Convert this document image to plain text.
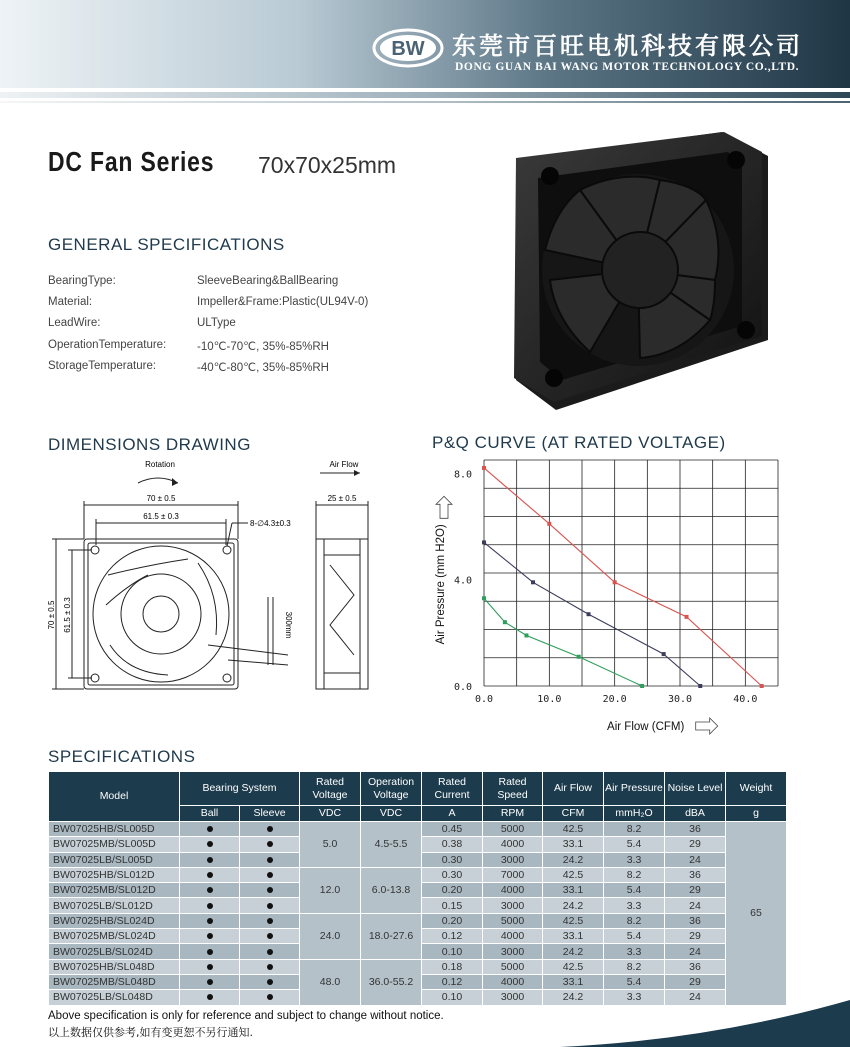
BW 东莞市百旺电机科技有限公司
DONG GUAN BAI WANG MOTOR TECHNOLOGY CO.,LTD.
DC Fan Series 70x70x25mm
GENERAL SPECIFICATIONS
BearingType:	SleeveBearing&BallBearing
Material:	Impeller&Frame:Plastic(UL94V-0)
LeadWire:	ULType
OperationTemperature:	-10℃-70℃, 35%-85%RH
StorageTemperature:	-40℃-80℃, 35%-85%RH
DIMENSIONS DRAWING
Rotation	Air Flow
70 ± 0.5
61.5 ± 0.3
8-∅4.3±0.3
25 ± 0.5
70 ± 0.5 61.5 ± 0.3	300mm
P&Q CURVE (AT RATED VOLTAGE)
0.0	10.0	20.0	30.0	40.0
0.0
4.0
8.0
Air Flow (CFM)
Air Pressure (mm H2O)
SPECIFICATIONS
Model	Bearing System		Rated Voltage	Operation Voltage	Rated Current	Rated Speed	Air Flow	Air Pressure	Noise Level	Weight
	Ball	Sleeve	VDC	VDC	A	RPM	CFM	mmH₂O	dBA	g
BW07025HB/SL005D			5.0	4.5-5.5	0.45	5000	42.5	8.2	36	65
BW07025MB/SL005D					0.38	4000	33.1	5.4	29	
BW07025LB/SL005D					0.30	3000	24.2	3.3	24	
BW07025HB/SL012D			12.0	6.0-13.8	0.30	7000	42.5	8.2	36	
BW07025MB/SL012D					0.20	4000	33.1	5.4	29	
BW07025LB/SL012D					0.15	3000	24.2	3.3	24	
BW07025HB/SL024D			24.0	18.0-27.6	0.20	5000	42.5	8.2	36	
BW07025MB/SL024D					0.12	4000	33.1	5.4	29	
BW07025LB/SL024D					0.10	3000	24.2	3.3	24	
BW07025HB/SL048D			48.0	36.0-55.2	0.18	5000	42.5	8.2	36	
BW07025MB/SL048D					0.12	4000	33.1	5.4	29	
BW07025LB/SL048D					0.10	3000	24.2	3.3	24	
Above specification is only for reference and subject to change without notice.
以上数据仅供参考,如有变更恕不另行通知.
